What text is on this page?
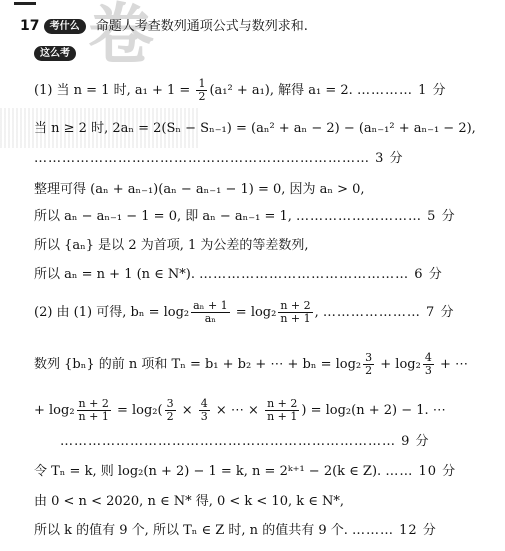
卷
17 考什么 命题人考查数列通项公式与数列求和.
这么考
(1) 当 n = 1 时, $a_1 + 1 = \frac{1}{2} (a_1^2 + a_1)$, 解得 a₁ = 2. ………… 1 分
当 n ≥ 2 时, 2aₙ = 2(Sₙ − Sₙ₋₁) = (aₙ² + aₙ − 2) − (aₙ₋₁² + aₙ₋₁ − 2),
……………………………………………………………… 3 分
整理可得 (aₙ + aₙ₋₁)(aₙ − aₙ₋₁ − 1) = 0, 因为 aₙ > 0,
所以 aₙ − aₙ₋₁ − 1 = 0, 即 aₙ − aₙ₋₁ = 1, ……………………… 5 分
所以 {aₙ} 是以 2 为首项, 1 为公差的等差数列,
所以 aₙ = n + 1 (n ∈ N*). ……………………………………… 6 分
(2) 由 (1) 可得, $b_n = \log_2 \frac{\text{aₙ + 1}}{\text{aₙ}} = \log_2 \frac{n + 2}{n + 1}$ , ………………… 7 分
数列 {bₙ} 的前 n 项和 Tₙ = b₁ + b₂ + ⋯ + $b_n = \log_2 \frac{3}{2} + \log_2 \frac{4}{3}$ + ⋯
+ $\log_2 \frac{n + 2}{n + 1} = \log_2( \frac{3}{2} \times \frac{4}{3}$ × ⋯ × $\frac{n + 2}{n + 1}$ ) = log₂(n + 2) − 1. ⋯
……………………………………………………………… 9 分
令 Tₙ = k, 则 log₂(n + 2) − 1 = k, n = 2ᵏ⁺¹ − 2(k ∈ Z). …… 10 分
由 0 < n < 2020, n ∈ N* 得, 0 < k < 10, k ∈ N*,
所以 k 的值有 9 个, 所以 Tₙ ∈ Z 时, n 的值共有 9 个. ……… 12 分
